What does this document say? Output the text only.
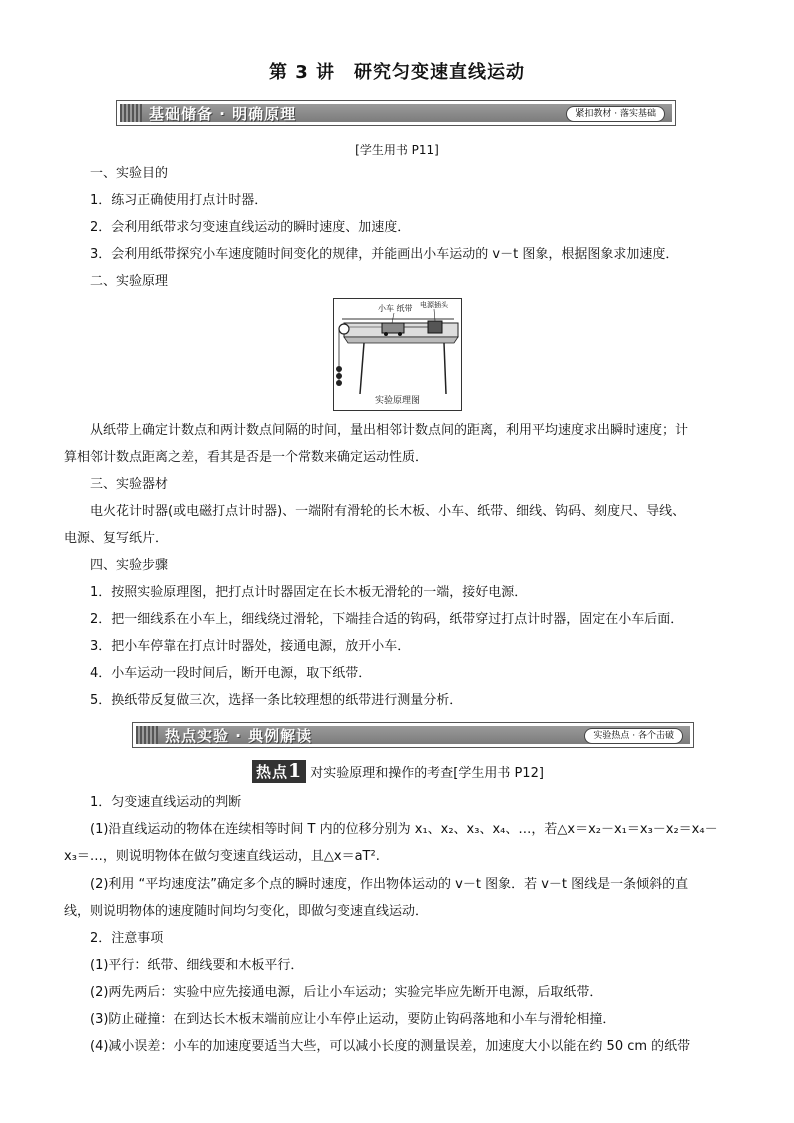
第 3 讲　研究匀变速直线运动
基础储备 · 明确原理	紧扣教材 · 落实基础
[学生用书 P11]
一、实验目的
1．练习正确使用打点计时器．
2．会利用纸带求匀变速直线运动的瞬时速度、加速度．
3．会利用纸带探究小车速度随时间变化的规律，并能画出小车运动的 v－t 图象，根据图象求加速度．
二、实验原理
小车 纸带 电源插头
实验原理图
从纸带上确定计数点和两计数点间隔的时间，量出相邻计数点间的距离，利用平均速度求出瞬时速度；计
算相邻计数点距离之差，看其是否是一个常数来确定运动性质．
三、实验器材
电火花计时器(或电磁打点计时器)、一端附有滑轮的长木板、小车、纸带、细线、钩码、刻度尺、导线、
电源、复写纸片．
四、实验步骤
1．按照实验原理图，把打点计时器固定在长木板无滑轮的一端，接好电源．
2．把一细线系在小车上，细线绕过滑轮，下端挂合适的钩码，纸带穿过打点计时器，固定在小车后面．
3．把小车停靠在打点计时器处，接通电源，放开小车．
4．小车运动一段时间后，断开电源，取下纸带．
5．换纸带反复做三次，选择一条比较理想的纸带进行测量分析．
热点实验 · 典例解读	实验热点 · 各个击破
热点1 对实验原理和操作的考查[学生用书 P12]
1．匀变速直线运动的判断
(1)沿直线运动的物体在连续相等时间 T 内的位移分别为 x₁、x₂、x₃、x₄、…，若△x＝x₂－x₁＝x₃－x₂＝x₄－
x₃＝…，则说明物体在做匀变速直线运动，且△x＝aT².
(2)利用 “平均速度法”确定多个点的瞬时速度，作出物体运动的 v－t 图象．若 v－t 图线是一条倾斜的直
线，则说明物体的速度随时间均匀变化，即做匀变速直线运动．
2．注意事项
(1)平行：纸带、细线要和木板平行．
(2)两先两后：实验中应先接通电源，后让小车运动；实验完毕应先断开电源，后取纸带．
(3)防止碰撞：在到达长木板末端前应让小车停止运动，要防止钩码落地和小车与滑轮相撞．
(4)减小误差：小车的加速度要适当大些，可以减小长度的测量误差，加速度大小以能在约 50 cm 的纸带
